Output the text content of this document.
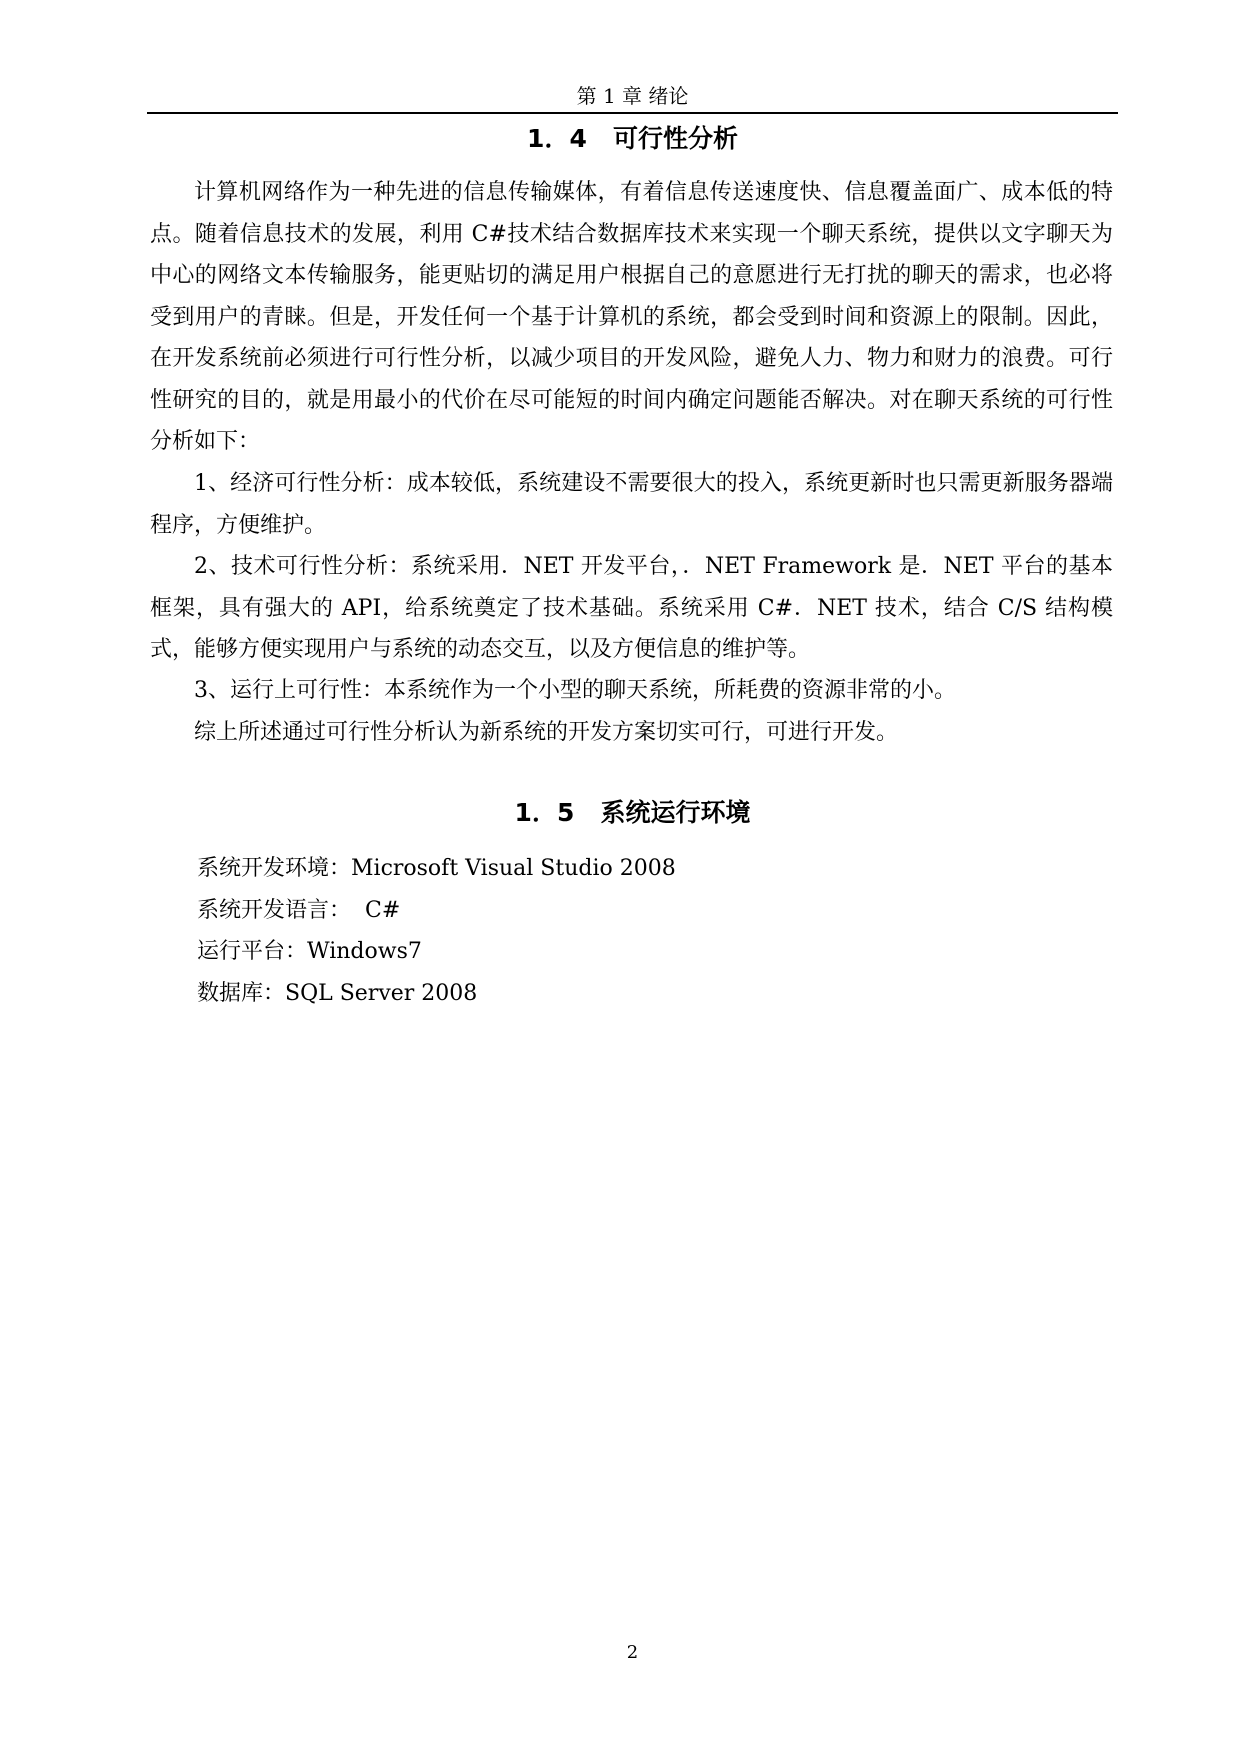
第 1 章 绪论
1．4   可行性分析

计算机网络作为一种先进的信息传输媒体，有着信息传送速度快、信息覆盖面广、成本低的特点。随着信息技术的发展，利用 C#技术结合数据库技术来实现一个聊天系统，提供以文字聊天为中心的网络文本传输服务，能更贴切的满足用户根据自己的意愿进行无打扰的聊天的需求，也必将受到用户的青睐。但是，开发任何一个基于计算机的系统，都会受到时间和资源上的限制。因此，在开发系统前必须进行可行性分析，以减少项目的开发风险，避免人力、物力和财力的浪费。可行性研究的目的，就是用最小的代价在尽可能短的时间内确定问题能否解决。对在聊天系统的可行性分析如下：

1、经济可行性分析：成本较低，系统建设不需要很大的投入，系统更新时也只需更新服务器端程序，方便维护。

2、技术可行性分析：系统采用．NET 开发平台，．NET Framework 是．NET 平台的基本框架，具有强大的 API，给系统奠定了技术基础。系统采用 C#．NET 技术，结合 C/S 结构模式，能够方便实现用户与系统的动态交互，以及方便信息的维护等。

3、运行上可行性：本系统作为一个小型的聊天系统，所耗费的资源非常的小。

综上所述通过可行性分析认为新系统的开发方案切实可行，可进行开发。

1．5   系统运行环境
系统开发环境：Microsoft Visual Studio 2008
系统开发语言：  C#
运行平台：Windows7
数据库：SQL Server 2008
2
